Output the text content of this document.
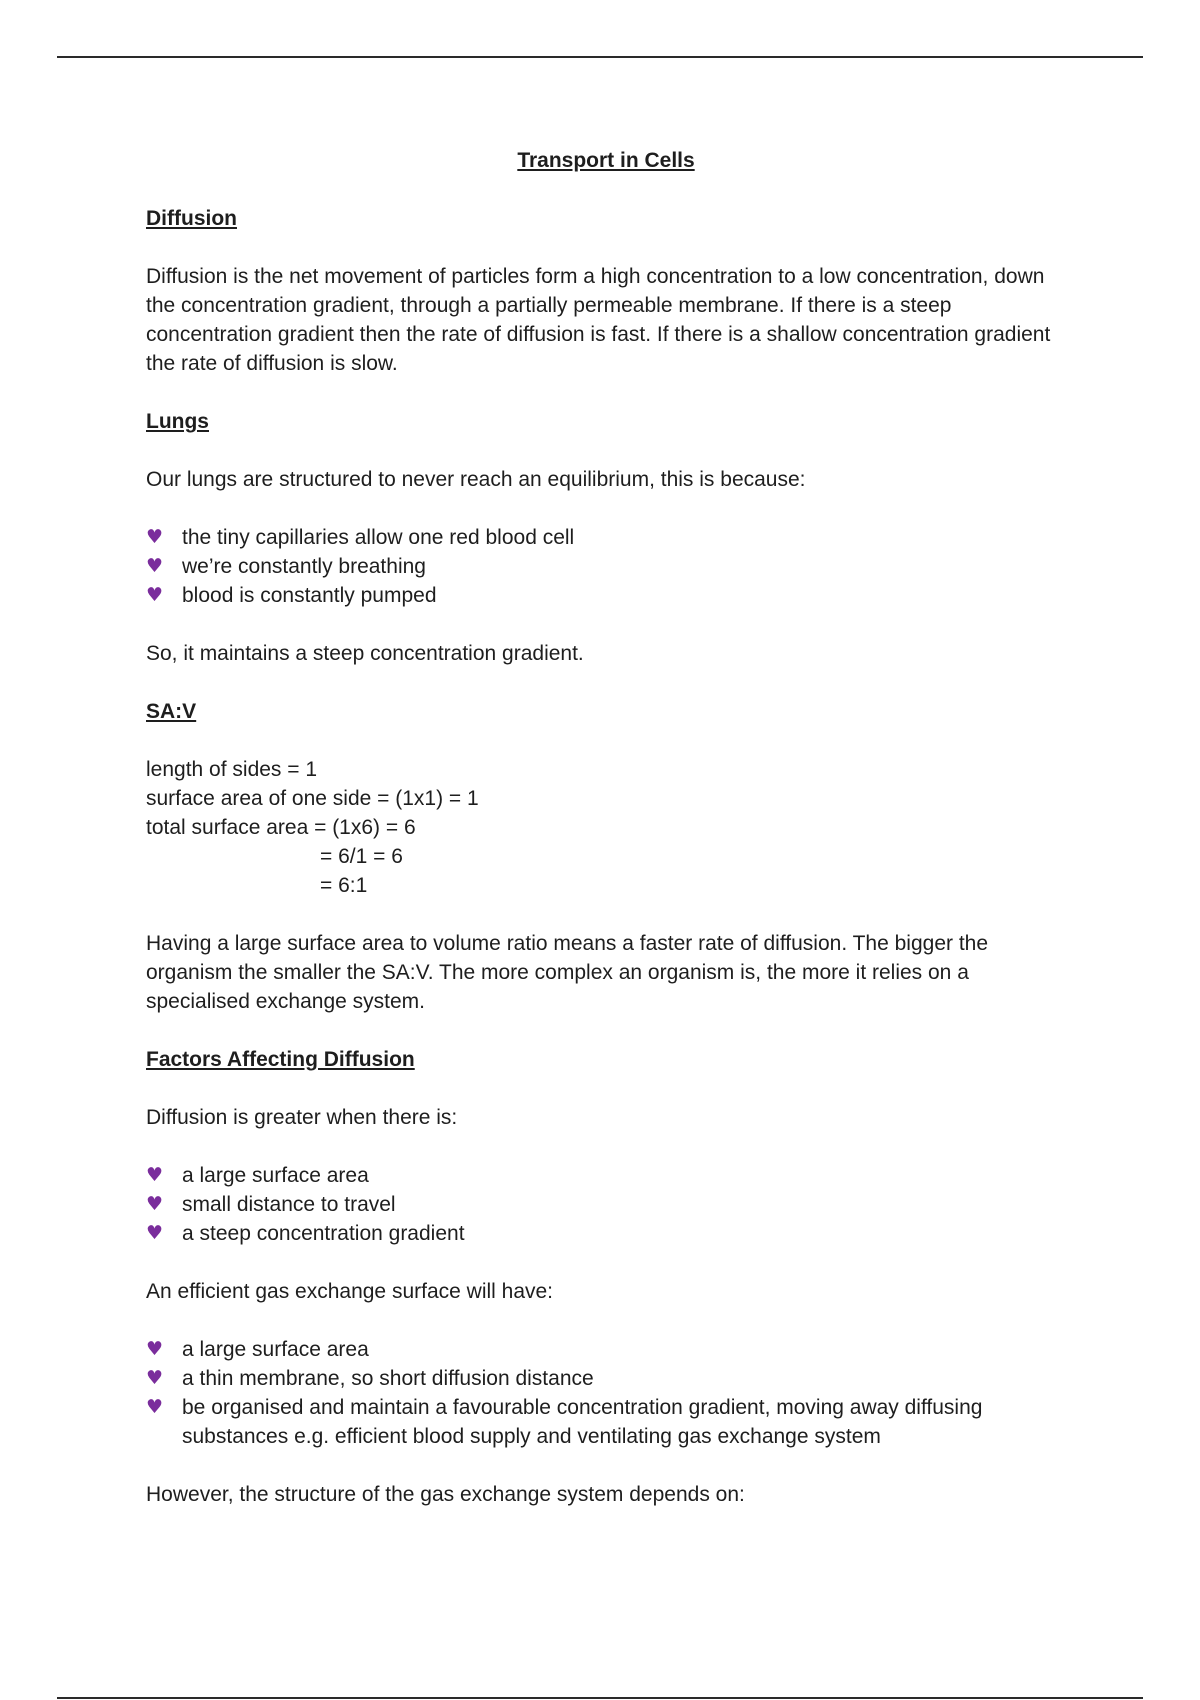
Transport in Cells
Diffusion

Diffusion is the net movement of particles form a high concentration to a low concentration, down the concentration gradient, through a partially permeable membrane. If there is a steep concentration gradient then the rate of diffusion is fast. If there is a shallow concentration gradient the rate of diffusion is slow.

Lungs

Our lungs are structured to never reach an equilibrium, this is because:

♥ the tiny capillaries allow one red blood cell
♥ we’re constantly breathing
♥ blood is constantly pumped

So, it maintains a steep concentration gradient.

SA:V
length of sides = 1
surface area of one side = (1x1) = 1
total surface area = (1x6) = 6
= 6/1 = 6
= 6:1

Having a large surface area to volume ratio means a faster rate of diffusion. The bigger the organism the smaller the SA:V. The more complex an organism is, the more it relies on a specialised exchange system.

Factors Affecting Diffusion

Diffusion is greater when there is:

♥ a large surface area
♥ small distance to travel
♥ a steep concentration gradient

An efficient gas exchange surface will have:

♥ a large surface area
♥ a thin membrane, so short diffusion distance
♥ be organised and maintain a favourable concentration gradient, moving away diffusing substances e.g. efficient blood supply and ventilating gas exchange system

However, the structure of the gas exchange system depends on:
